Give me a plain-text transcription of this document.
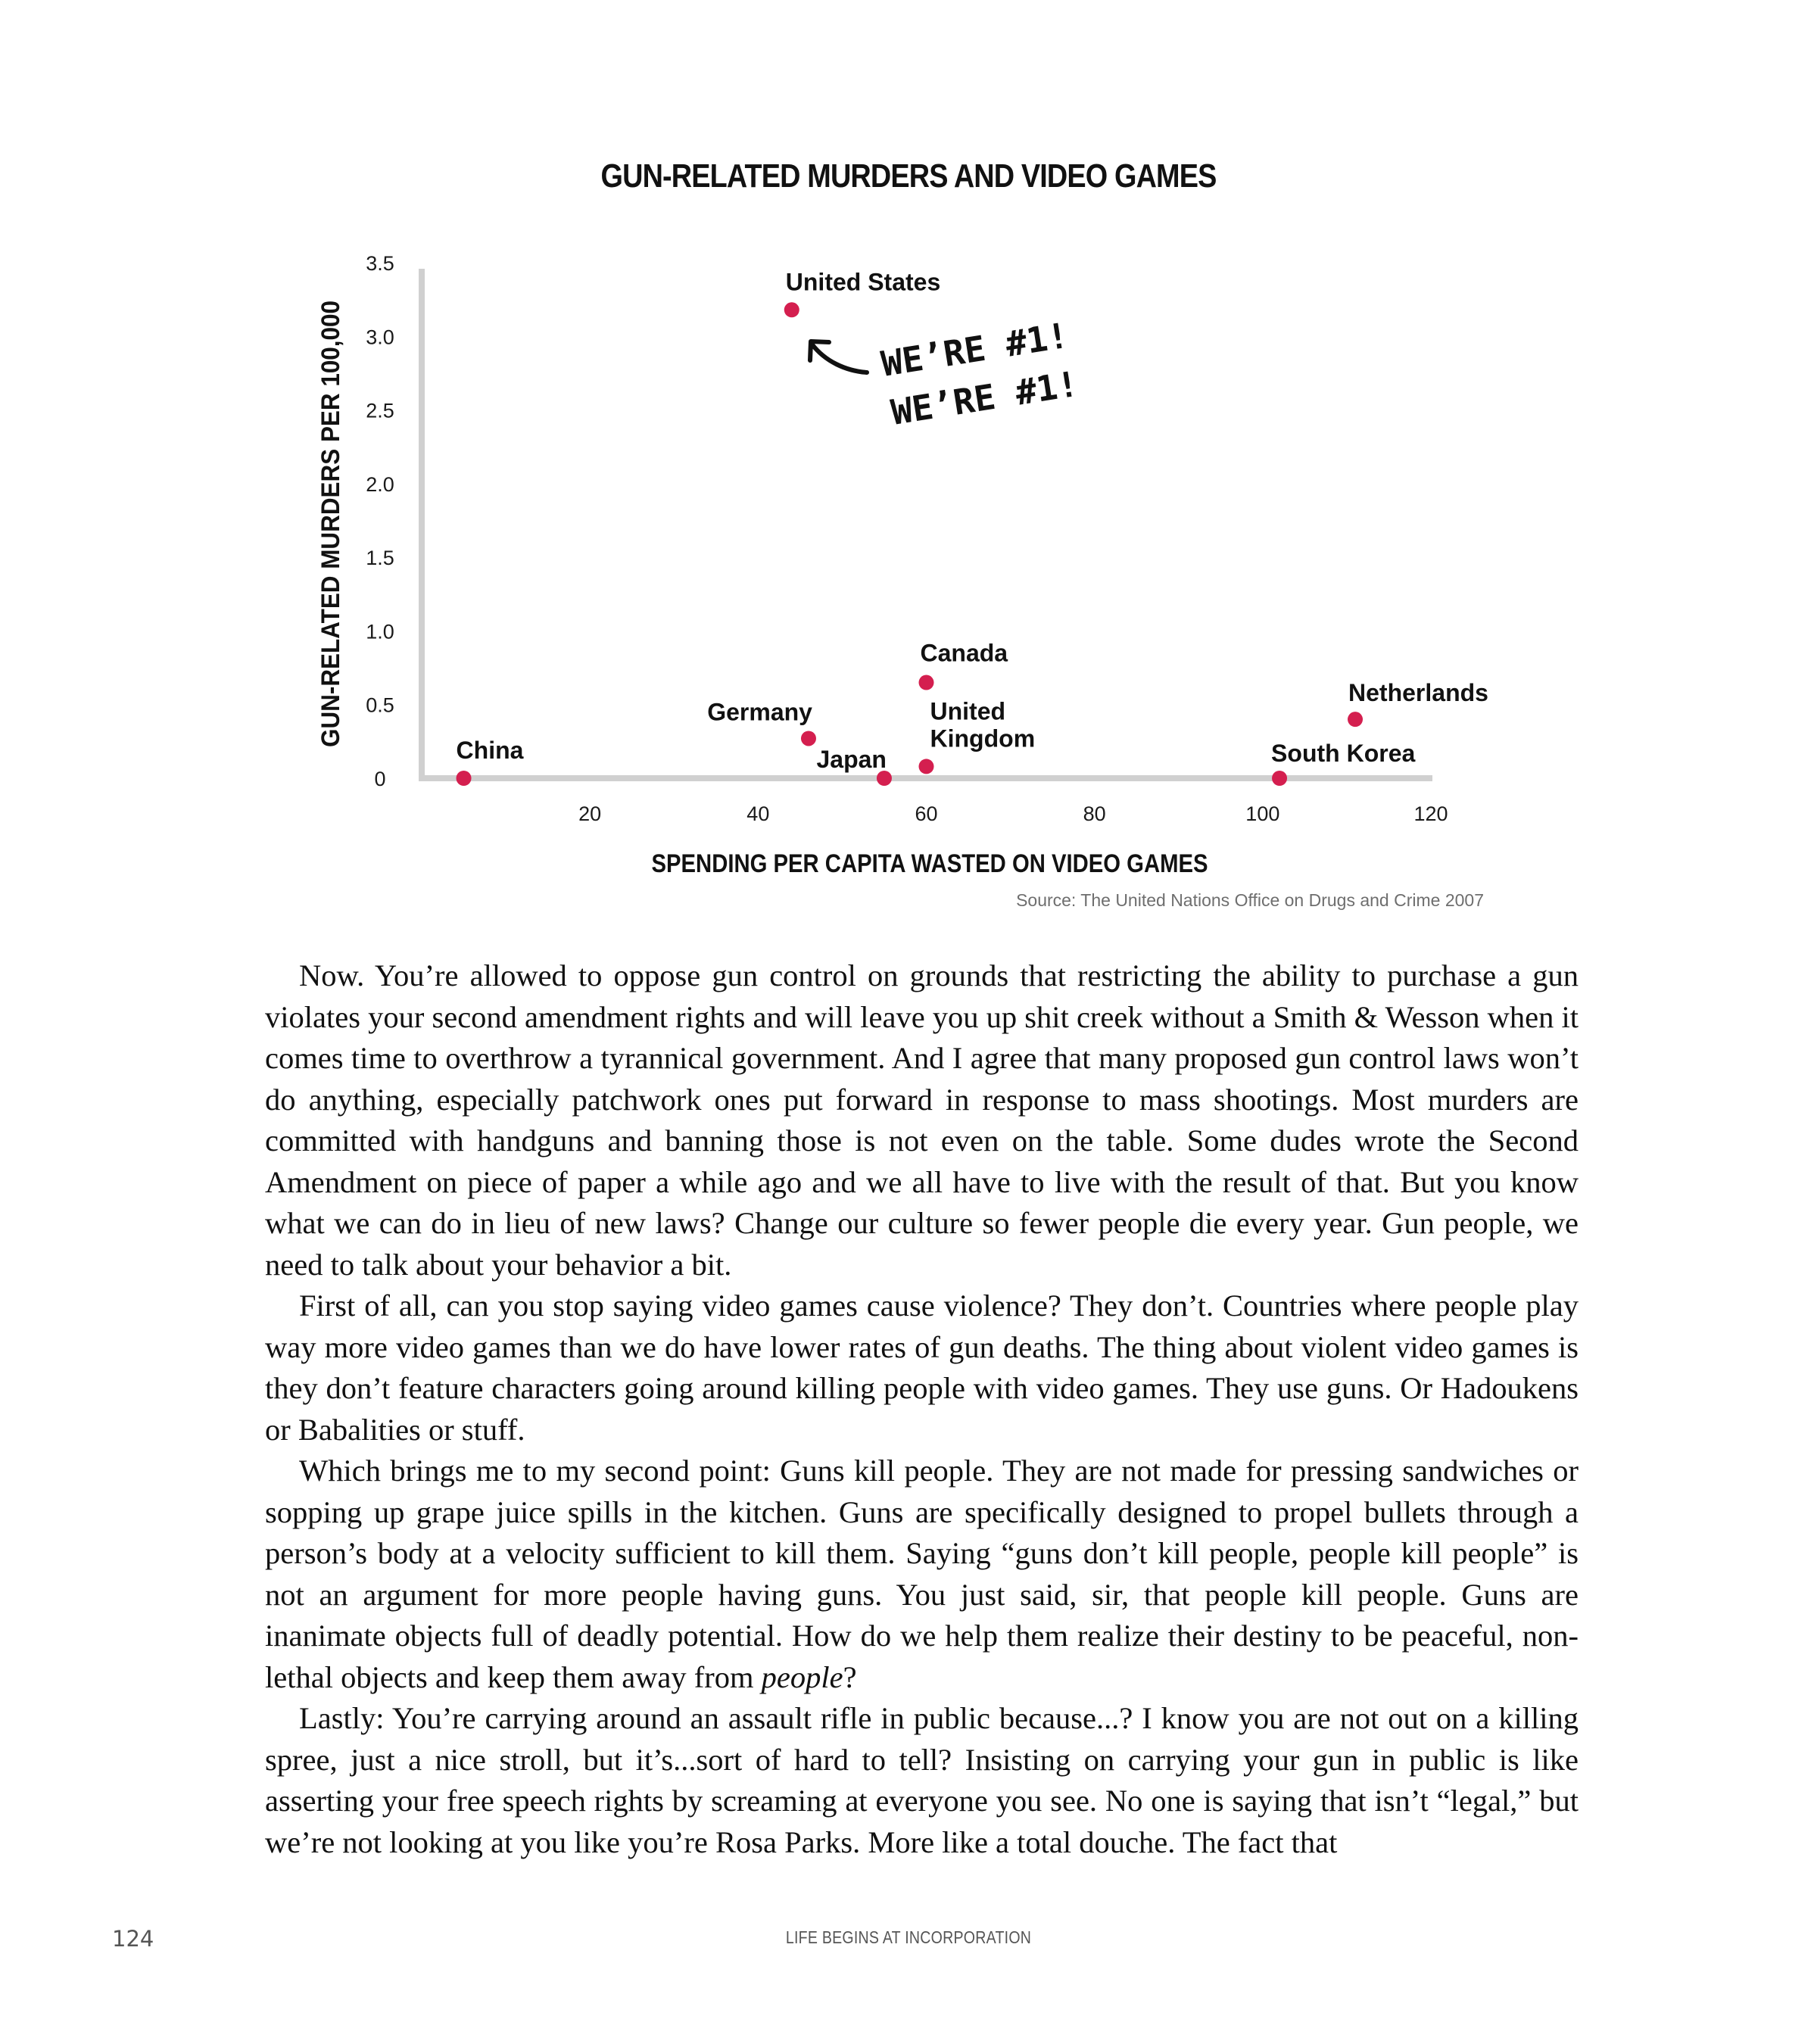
GUN-RELATED MURDERS AND VIDEO GAMES
0
0.5
1.0
1.5
2.0
2.5
3.0
3.5
20	40	60	80	100	120
China
Germany
Japan
United Kingdom
Canada
United States
South Korea
Netherlands
SPENDING PER CAPITA WASTED ON VIDEO GAMES
GUN-RELATED MURDERS PER 100,000	WE’RE #1!
WE’RE #1!
Source: The United Nations Office on Drugs and Crime 2007

Now. You’re allowed to oppose gun control on grounds that restricting the ability to purchase a gun violates your second amendment rights and will leave you up shit creek without a Smith & Wesson when it comes time to overthrow a tyrannical government. And I agree that many proposed gun control laws won’t do anything, especially patchwork ones put forward in response to mass shootings. Most murders are committed with handguns and banning those is not even on the table. Some dudes wrote the Second Amendment on piece of paper a while ago and we all have to live with the result of that. But you know what we can do in lieu of new laws? Change our culture so fewer people die every year. Gun people, we need to talk about your behavior a bit.

First of all, can you stop saying video games cause violence? They don’t. Countries where people play way more video games than we do have lower rates of gun deaths. The thing about violent video games is they don’t feature characters going around killing people with video games. They use guns. Or Hadoukens or Babalities or stuff.

Which brings me to my second point: Guns kill people. They are not made for pressing sandwiches or sopping up grape juice spills in the kitchen. Guns are specifically designed to propel bullets through a person’s body at a velocity sufficient to kill them. Saying “guns don’t kill people, people kill people” is not an argument for more people having guns. You just said, sir, that people kill people. Guns are inanimate objects full of deadly potential. How do we help them realize their destiny to be peaceful, non-lethal objects and keep them away from people?

Lastly: You’re carrying around an assault rifle in public because...? I know you are not out on a killing spree, just a nice stroll, but it’s...sort of hard to tell? Insisting on carrying your gun in public is like asserting your free speech rights by screaming at everyone you see. No one is saying that isn’t “legal,” but we’re not looking at you like you’re Rosa Parks. More like a total douche. The fact that

124	LIFE BEGINS AT INCORPORATION
